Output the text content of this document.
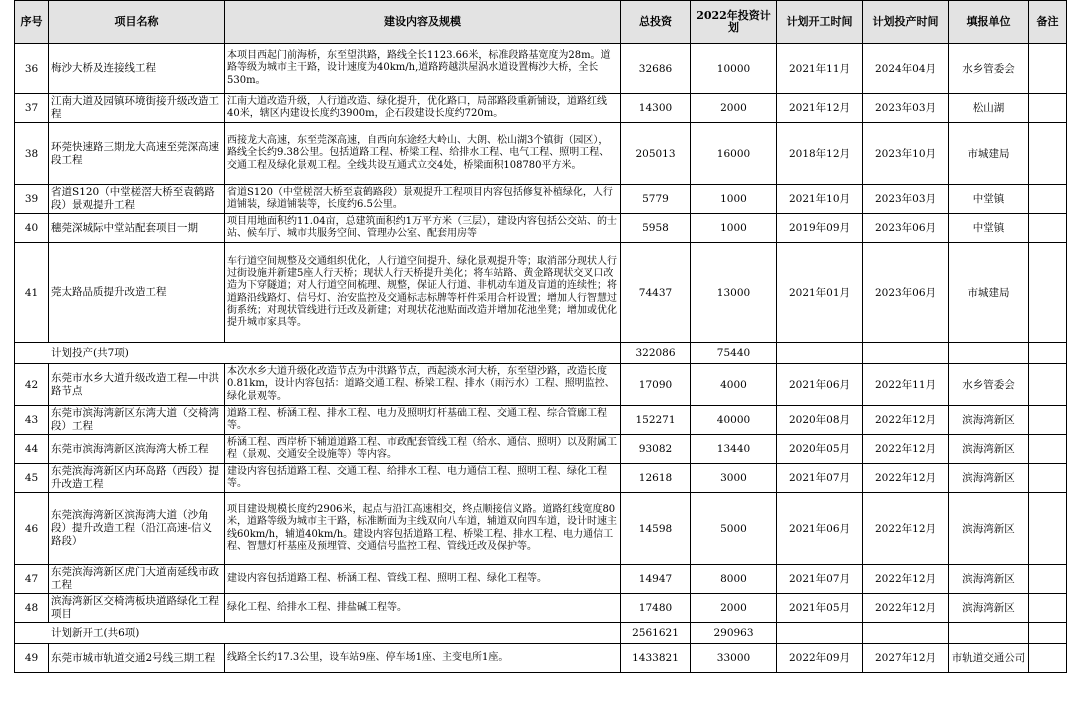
序号	项目名称	建设内容及规模	总投资	2022年投资计划	计划开工时间	计划投产时间	填报单位	备注
36	梅沙大桥及连接线工程	本项目西起门前海桥，东至望洪路，路线全长1123.66米，标准段路基宽度为28m。道路等级为城市主干路，设计速度为40km/h,道路跨越洪屋涡水道设置梅沙大桥，全长530m。	32686	10000	2021年11月	2024年04月	水乡管委会	
37	江南大道及园镇环境街接升级改造工程	江南大道改造升级，人行道改造、绿化提升，优化路口，局部路段重新铺设，道路红线40米，辖区内建设长度约3900m，企石段建设长度约720m。	14300	2000	2021年12月	2023年03月	松山湖	
38	环莞快速路三期龙大高速至莞深高速段工程	西接龙大高速，东至莞深高速，自西向东途经大岭山、大朗、松山湖3个镇街（园区），路线全长约9.38公里。包括道路工程、桥梁工程、给排水工程、电气工程、照明工程、交通工程及绿化景观工程。全线共设互通式立交4处，桥梁面积108780平方米。	205013	16000	2018年12月	2023年10月	市城建局	
39	省道S120（中堂槎滘大桥至袁鹤路段）景观提升工程	省道S120（中堂槎滘大桥至袁鹤路段）景观提升工程项目内容包括修复补植绿化，人行道铺装，绿道铺装等，长度约6.5公里。	5779	1000	2021年10月	2023年03月	中堂镇	
40	穗莞深城际中堂站配套项目一期	项目用地面积约11.04亩，总建筑面积约1万平方米（三层），建设内容包括公交站、的士站、候车厅、城市共服务空间、管理办公室、配套用房等	5958	1000	2019年09月	2023年06月	中堂镇	
41	莞太路品质提升改造工程	车行道空间规整及交通组织优化，人行道空间提升、绿化景观提升等；取消部分现状人行过街设施并新建5座人行天桥；现状人行天桥提升美化；将车站路、黄金路现状交叉口改造为下穿隧道；对人行道空间梳理、规整，保证人行道、非机动车道及盲道的连续性；将道路沿线路灯、信号灯、治安监控及交通标志标牌等杆件采用合杆设置；增加人行智慧过街系统；对现状管线进行迁改及新建；对现状花池贴面改造并增加花池坐凳；增加或优化提升城市家具等。	74437	13000	2021年01月	2023年06月	市城建局	
计划投产(共7项)			322086	75440				
42	东莞市水乡大道升级改造工程—中洪路节点	本次水乡大道升级化改造节点为中洪路节点，西起淡水河大桥，东至望沙路，改造长度 0.81km，设计内容包括：道路交通工程、桥梁工程、排水（雨污水）工程、照明监控、绿化景观等。	17090	4000	2021年06月	2022年11月	水乡管委会	
43	东莞市滨海湾新区东湾大道（交椅湾段）工程	道路工程、桥涵工程、排水工程、电力及照明灯杆基础工程、交通工程、综合管廊工程等。	152271	40000	2020年08月	2022年12月	滨海湾新区	
44	东莞市滨海湾新区滨海湾大桥工程	桥涵工程、西岸桥下辅道道路工程、市政配套管线工程（给水、通信、照明）以及附属工程（景观、交通安全设施等）等内容。	93082	13440	2020年05月	2022年12月	滨海湾新区	
45	东莞滨海湾新区内环岛路（西段）提升改造工程	建设内容包括道路工程、交通工程、给排水工程、电力通信工程、照明工程、绿化工程等。	12618	3000	2021年07月	2022年12月	滨海湾新区	
46	东莞滨海湾新区滨海湾大道（沙角段）提升改造工程（沿江高速-信义路段）	项目建设规模长度约2906米，起点与沿江高速相交，终点顺接信义路。道路红线宽度80米，道路等级为城市主干路，标准断面为主线双向八车道，辅道双向四车道，设计时速主线60km/h，辅道40km/h。建设内容包括道路工程、桥梁工程、排水工程、电力通信工程、智慧灯杆基座及预埋管、交通信号监控工程、管线迁改及保护等。	14598	5000	2021年06月	2022年12月	滨海湾新区	
47	东莞滨海湾新区虎门大道南延线市政工程	建设内容包括道路工程、桥涵工程、管线工程、照明工程、绿化工程等。	14947	8000	2021年07月	2022年12月	滨海湾新区	
48	滨海湾新区交椅湾板块道路绿化工程项目	绿化工程、给排水工程、排盐碱工程等。	17480	2000	2021年05月	2022年12月	滨海湾新区	
计划新开工(共6项)			2561621	290963				
49	东莞市城市轨道交通2号线三期工程	线路全长约17.3公里，设车站9座、停车场1座、主变电所1座。	1433821	33000	2022年09月	2027年12月	市轨道交通公司	
